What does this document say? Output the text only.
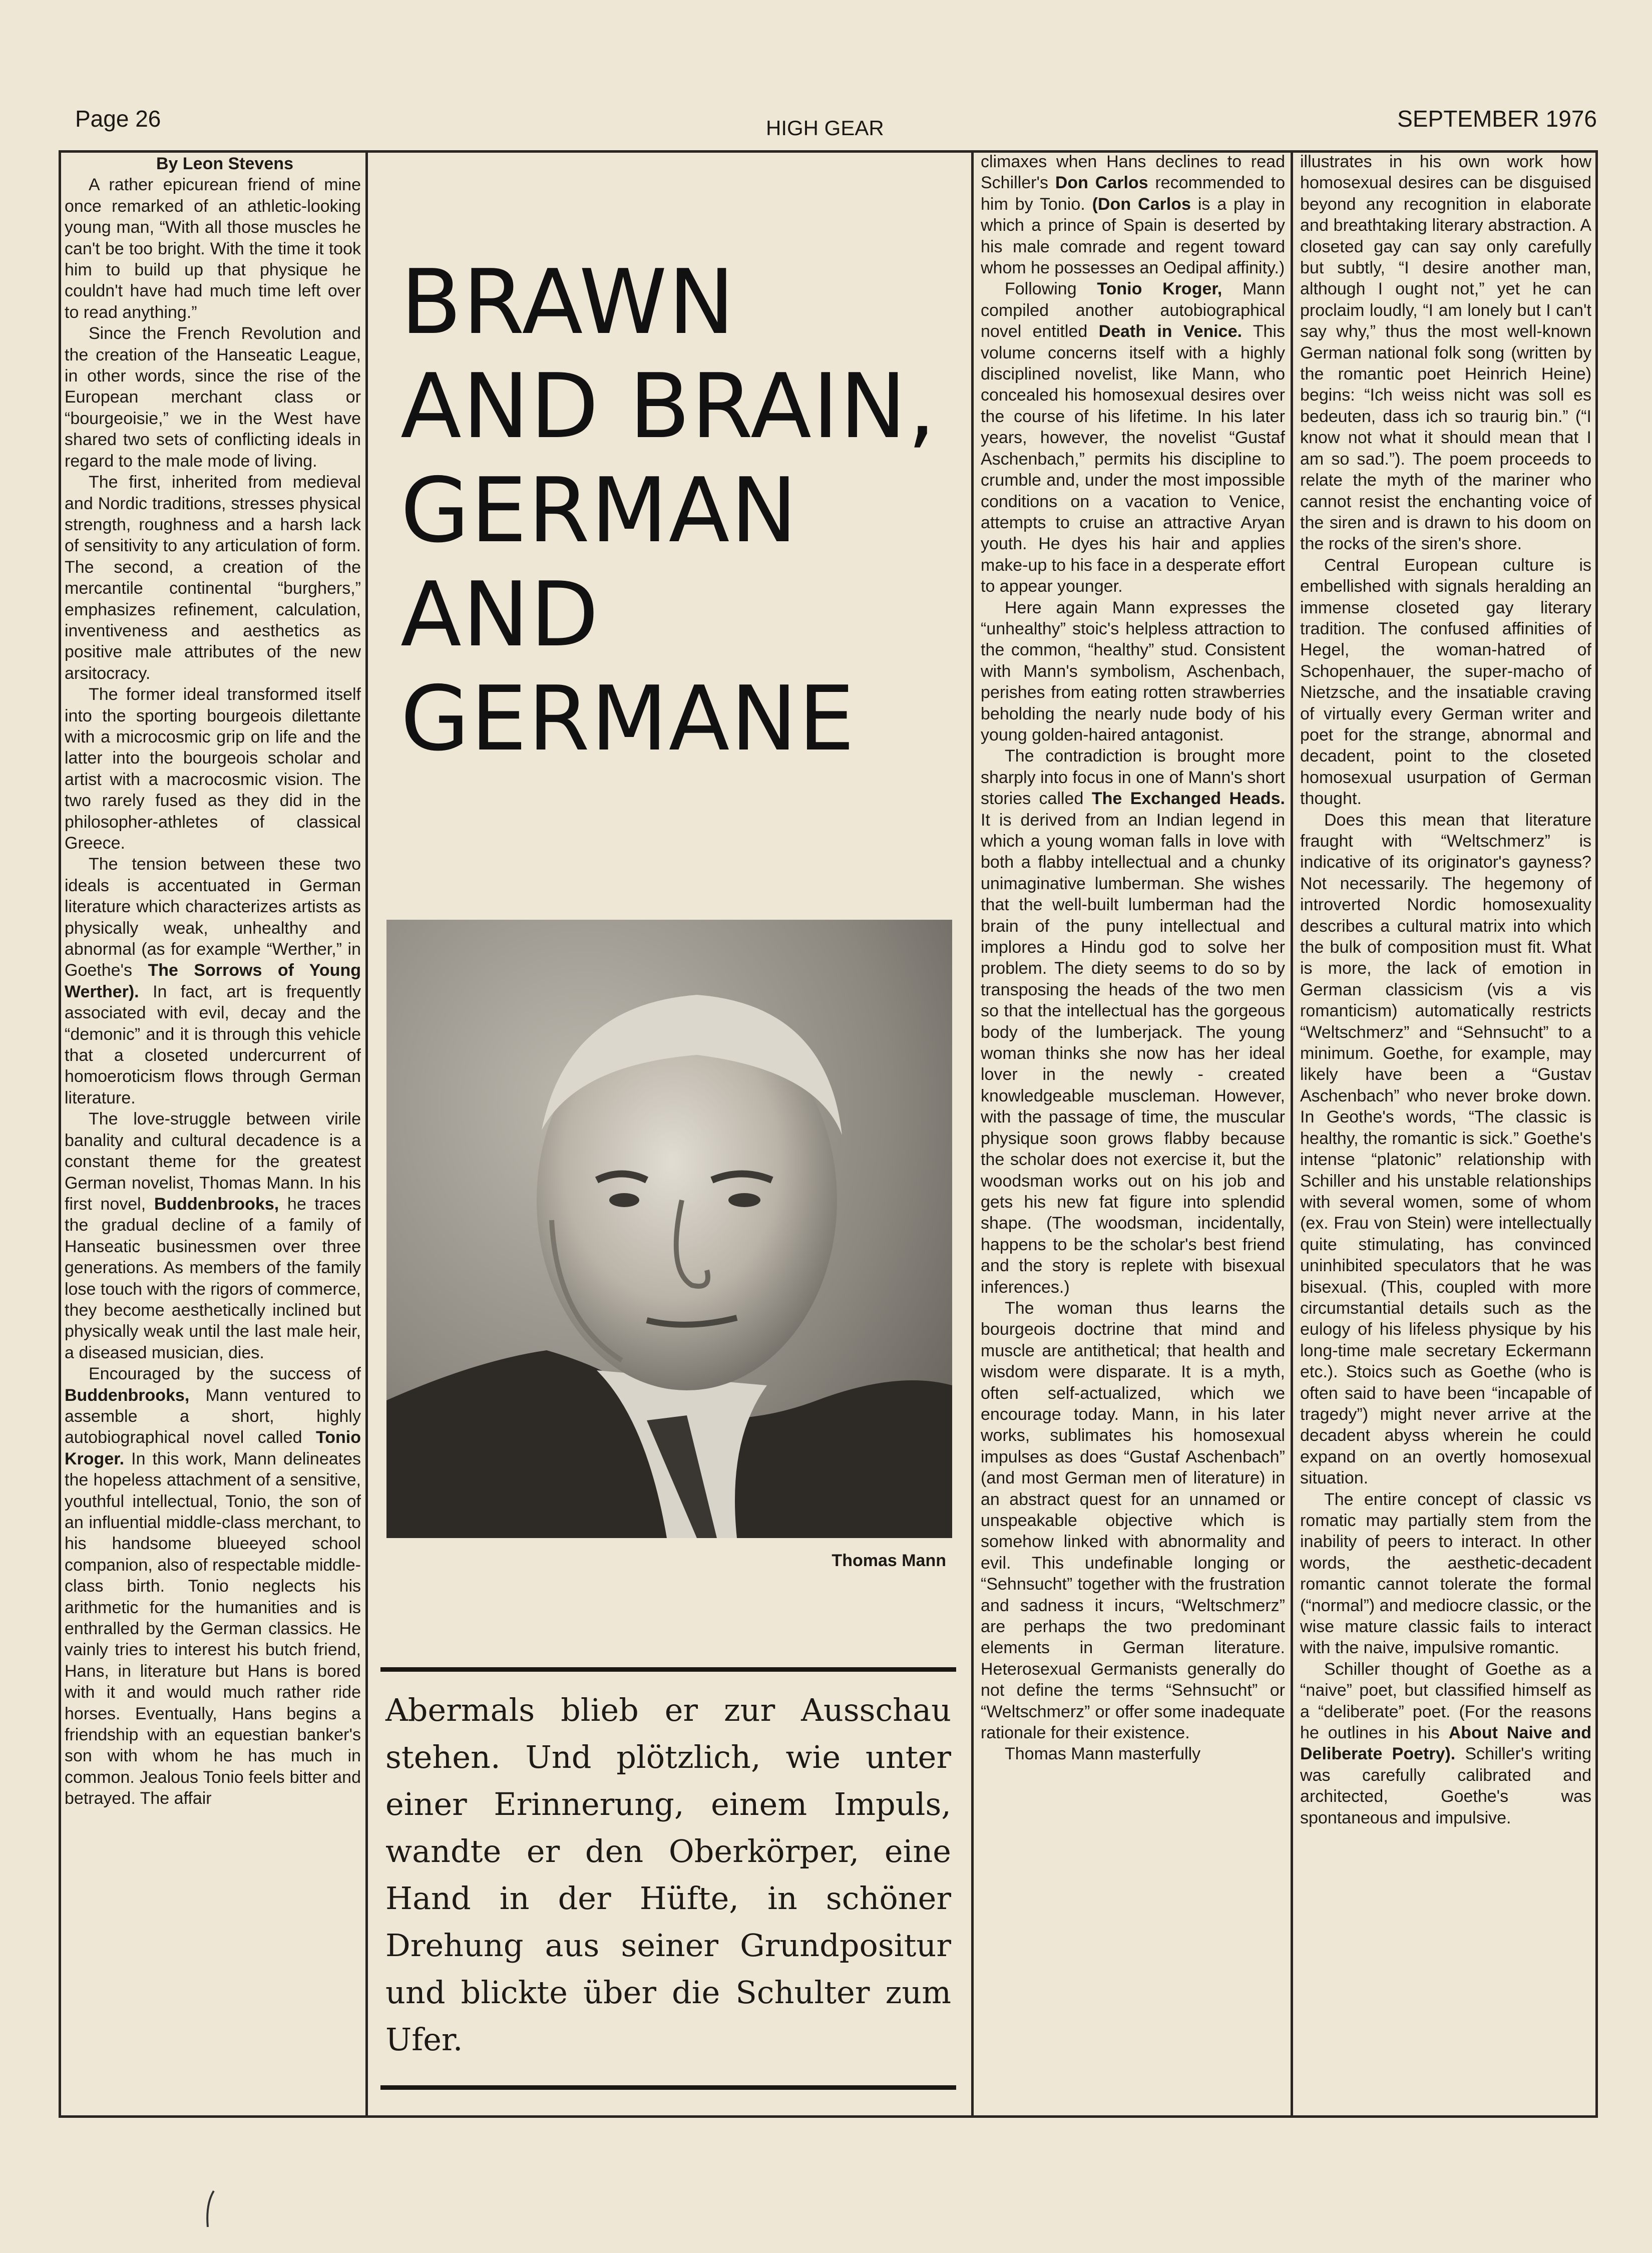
Page 26	HIGH GEAR	SEPTEMBER 1976

By Leon Stevens

A rather epicurean friend of mine once remarked of an athletic-looking young man, “With all those muscles he can't be too bright. With the time it took him to build up that physique he couldn't have had much time left over to read anything.”

Since the French Revolution and the creation of the Hanseatic League, in other words, since the rise of the European merchant class or “bourgeoisie,” we in the West have shared two sets of conflicting ideals in regard to the male mode of living.

The first, inherited from medieval and Nordic traditions, stresses physical strength, roughness and a harsh lack of sensitivity to any articulation of form. The second, a creation of the mercantile continental “burghers,” emphasizes refinement, calculation, inventiveness and aesthetics as positive male attributes of the new arsitocracy.

The former ideal transformed itself into the sporting bourgeois dilettante with a microcosmic grip on life and the latter into the bourgeois scholar and artist with a macrocosmic vision. The two rarely fused as they did in the philosopher-athletes of classical Greece.

The tension between these two ideals is accentuated in German literature which characterizes artists as physically weak, unhealthy and abnormal (as for example “Werther,” in Goethe's The Sorrows of Young Werther). In fact, art is frequently associated with evil, decay and the “demonic” and it is through this vehicle that a closeted undercurrent of homoeroticism flows through German literature.

The love-struggle between virile banality and cultural decadence is a constant theme for the greatest German novelist, Thomas Mann. In his first novel, Buddenbrooks, he traces the gradual decline of a family of Hanseatic businessmen over three generations. As members of the family lose touch with the rigors of commerce, they become aesthetically inclined but physically weak until the last male heir, a diseased musician, dies.

Encouraged by the success of Buddenbrooks, Mann ventured to assemble a short, highly autobiographical novel called Tonio Kroger. In this work, Mann delineates the hopeless attachment of a sensitive, youthful intellectual, Tonio, the son of an influential middle-class merchant, to his handsome blueeyed school companion, also of respectable middle-class birth. Tonio neglects his arithmetic for the humanities and is enthralled by the German classics. He vainly tries to interest his butch friend, Hans, in literature but Hans is bored with it and would much rather ride horses. Eventually, Hans begins a friendship with an equestian banker's son with whom he has much in common. Jealous Tonio feels bitter and betrayed. The affair

climaxes when Hans declines to read Schiller's Don Carlos recommended to him by Tonio. (Don Carlos is a play in which a prince of Spain is deserted by his male comrade and regent toward whom he possesses an Oedipal affinity.)

Following Tonio Kroger, Mann compiled another autobiographical novel entitled Death in Venice. This volume concerns itself with a highly disciplined novelist, like Mann, who concealed his homosexual desires over the course of his lifetime. In his later years, however, the novelist “Gustaf Aschenbach,” permits his discipline to crumble and, under the most impossible conditions on a vacation to Venice, attempts to cruise an attractive Aryan youth. He dyes his hair and applies make-up to his face in a desperate effort to appear younger.

Here again Mann expresses the “unhealthy” stoic's helpless attraction to the common, “healthy” stud. Consistent with Mann's symbolism, Aschenbach, perishes from eating rotten strawberries beholding the nearly nude body of his young golden-haired antagonist.

The contradiction is brought more sharply into focus in one of Mann's short stories called The Exchanged Heads. It is derived from an Indian legend in which a young woman falls in love with both a flabby intellectual and a chunky unimaginative lumberman. She wishes that the well-built lumberman had the brain of the puny intellectual and implores a Hindu god to solve her problem. The diety seems to do so by transposing the heads of the two men so that the intellectual has the gorgeous body of the lumberjack. The young woman thinks she now has her ideal lover in the newly - created knowledgeable muscleman. However, with the passage of time, the muscular physique soon grows flabby because the scholar does not exercise it, but the woodsman works out on his job and gets his new fat figure into splendid shape. (The woodsman, incidentally, happens to be the scholar's best friend and the story is replete with bisexual inferences.)

The woman thus learns the bourgeois doctrine that mind and muscle are antithetical; that health and wisdom were disparate. It is a myth, often self-actualized, which we encourage today. Mann, in his later works, sublimates his homosexual impulses as does “Gustaf Aschenbach” (and most German men of literature) in an abstract quest for an unnamed or unspeakable objective which is somehow linked with abnormality and evil. This undefinable longing or “Sehnsucht” together with the frustration and sadness it incurs, “Weltschmerz” are perhaps the two predominant elements in German literature. Heterosexual Germanists generally do not define the terms “Sehnsucht” or “Weltschmerz” or offer some inadequate rationale for their existence.

Thomas Mann masterfully

illustrates in his own work how homosexual desires can be disguised beyond any recognition in elaborate and breathtaking literary abstraction. A closeted gay can say only carefully but subtly, “I desire another man, although I ought not,” yet he can proclaim loudly, “I am lonely but I can't say why,” thus the most well-known German national folk song (written by the romantic poet Heinrich Heine) begins: “Ich weiss nicht was soll es bedeuten, dass ich so traurig bin.” (“I know not what it should mean that I am so sad.”). The poem proceeds to relate the myth of the mariner who cannot resist the enchanting voice of the siren and is drawn to his doom on the rocks of the siren's shore.

Central European culture is embellished with signals heralding an immense closeted gay literary tradition. The confused affinities of Hegel, the woman-hatred of Schopenhauer, the super-macho of Nietzsche, and the insatiable craving of virtually every German writer and poet for the strange, abnormal and decadent, point to the closeted homosexual usurpation of German thought.

Does this mean that literature fraught with “Weltschmerz” is indicative of its originator's gayness? Not necessarily. The hegemony of introverted Nordic homosexuality describes a cultural matrix into which the bulk of composition must fit. What is more, the lack of emotion in German classicism (vis a vis romanticism) automatically restricts “Weltschmerz” and “Sehnsucht” to a minimum. Goethe, for example, may likely have been a “Gustav Aschenbach” who never broke down. In Geothe's words, “The classic is healthy, the romantic is sick.” Goethe's intense “platonic” relationship with Schiller and his unstable relationships with several women, some of whom (ex. Frau von Stein) were intellectually quite stimulating, has convinced uninhibited speculators that he was bisexual. (This, coupled with more circumstantial details such as the eulogy of his lifeless physique by his long-time male secretary Eckermann etc.). Stoics such as Goethe (who is often said to have been “incapable of tragedy”) might never arrive at the decadent abyss wherein he could expand on an overtly homosexual situation.

The entire concept of classic vs romatic may partially stem from the inability of peers to interact. In other words, the aesthetic-decadent romantic cannot tolerate the formal (“normal”) and mediocre classic, or the wise mature classic fails to interact with the naive, impulsive romantic.

Schiller thought of Goethe as a “naive” poet, but classified himself as a “deliberate” poet. (For the reasons he outlines in his About Naive and Deliberate Poetry). Schiller's writing was carefully calibrated and architected, Goethe's was spontaneous and impulsive.

BRAWN
AND BRAIN,
GERMAN
AND
GERMANE
Thomas Mann
Abermals blieb er zur Ausschau stehen. Und plötzlich, wie unter einer Erinnerung, einem Impuls, wandte er den Oberkörper, eine Hand in der Hüfte, in schöner Drehung aus seiner Grundpositur und blickte über die Schulter zum Ufer.
